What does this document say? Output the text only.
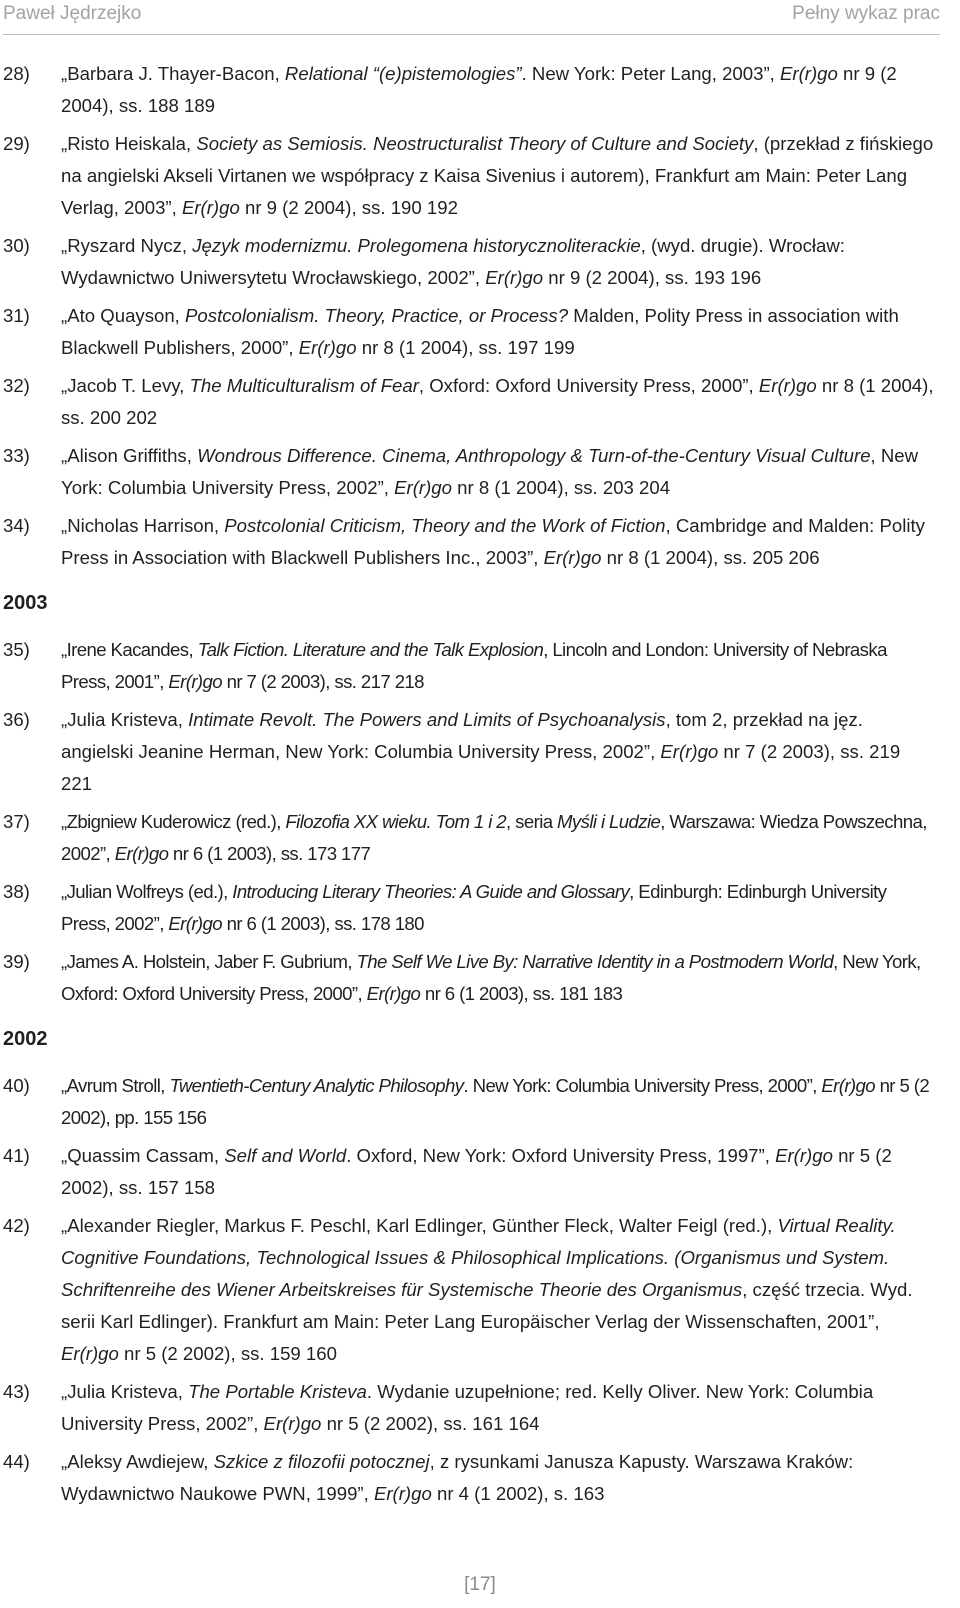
Paweł Jędrzejko	Pełny wykaz prac
28) „Barbara J. Thayer-Bacon, Relational “(e)pistemologies”. New York: Peter Lang, 2003”, Er(r)go nr 9 (2 2004), ss. 188 189
29) „Risto Heiskala, Society as Semiosis. Neostructuralist Theory of Culture and Society, (przekład z fińskiego na angielski Akseli Virtanen we współpracy z Kaisa Sivenius i autorem), Frankfurt am Main: Peter Lang Verlag, 2003”, Er(r)go nr 9 (2 2004), ss. 190 192
30) „Ryszard Nycz, Język modernizmu. Prolegomena historycznoliterackie, (wyd. drugie). Wrocław: Wydawnictwo Uniwersytetu Wrocławskiego, 2002”, Er(r)go nr 9 (2 2004), ss. 193 196
31) „Ato Quayson, Postcolonialism. Theory, Practice, or Process? Malden, Polity Press in association with Blackwell Publishers, 2000”, Er(r)go nr 8 (1 2004), ss. 197 199
32) „Jacob T. Levy, The Multiculturalism of Fear, Oxford: Oxford University Press, 2000”, Er(r)go nr 8 (1 2004), ss. 200 202
33) „Alison Griffiths, Wondrous Difference. Cinema, Anthropology & Turn-of-the-Century Visual Culture, New York: Columbia University Press, 2002”, Er(r)go nr 8 (1 2004), ss. 203 204
34) „Nicholas Harrison, Postcolonial Criticism, Theory and the Work of Fiction, Cambridge and Malden: Polity Press in Association with Blackwell Publishers Inc., 2003”, Er(r)go nr 8 (1 2004), ss. 205 206
2003
35) „Irene Kacandes, Talk Fiction. Literature and the Talk Explosion, Lincoln and London: University of Nebraska Press, 2001”, Er(r)go nr 7 (2 2003), ss. 217 218
36) „Julia Kristeva, Intimate Revolt. The Powers and Limits of Psychoanalysis, tom 2, przekład na jęz. angielski Jeanine Herman, New York: Columbia University Press, 2002”, Er(r)go nr 7 (2 2003), ss. 219 221
37) „Zbigniew Kuderowicz (red.), Filozofia XX wieku. Tom 1 i 2, seria Myśli i Ludzie, Warszawa: Wiedza Powszechna, 2002”, Er(r)go nr 6 (1 2003), ss. 173 177
38) „Julian Wolfreys (ed.), Introducing Literary Theories: A Guide and Glossary, Edinburgh: Edinburgh University Press, 2002”, Er(r)go nr 6 (1 2003), ss. 178 180
39) „James A. Holstein, Jaber F. Gubrium, The Self We Live By: Narrative Identity in a Postmodern World, New York, Oxford: Oxford University Press, 2000”, Er(r)go nr 6 (1 2003), ss. 181 183
2002
40) „Avrum Stroll, Twentieth-Century Analytic Philosophy. New York: Columbia University Press, 2000”, Er(r)go nr 5 (2 2002), pp. 155 156
41) „Quassim Cassam, Self and World. Oxford, New York: Oxford University Press, 1997”, Er(r)go nr 5 (2 2002), ss. 157 158
42) „Alexander Riegler, Markus F. Peschl, Karl Edlinger, Günther Fleck, Walter Feigl (red.), Virtual Reality. Cognitive Foundations, Technological Issues & Philosophical Implications. (Organismus und System. Schriftenreihe des Wiener Arbeitskreises für Systemische Theorie des Organismus, część trzecia. Wyd. serii Karl Edlinger). Frankfurt am Main: Peter Lang Europäischer Verlag der Wissenschaften, 2001”, Er(r)go nr 5 (2 2002), ss. 159 160
43) „Julia Kristeva, The Portable Kristeva. Wydanie uzupełnione; red. Kelly Oliver. New York: Columbia University Press, 2002”, Er(r)go nr 5 (2 2002), ss. 161 164
44) „Aleksy Awdiejew, Szkice z filozofii potocznej, z rysunkami Janusza Kapusty. Warszawa Kraków: Wydawnictwo Naukowe PWN, 1999”, Er(r)go nr 4 (1 2002), s. 163
[17]
